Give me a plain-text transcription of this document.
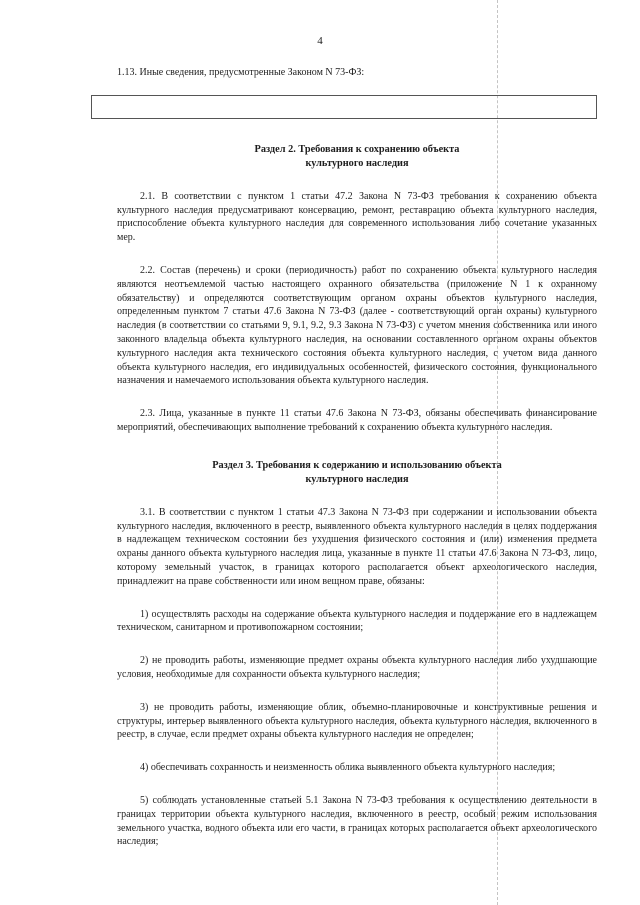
4

1.13. Иные сведения, предусмотренные Законом N 73-ФЗ:

Раздел 2. Требования к сохранению объекта
культурного наследия

2.1. В соответствии с пунктом 1 статьи 47.2 Закона N 73-ФЗ требования к сохранению объекта культурного наследия предусматривают консервацию, ремонт, реставрацию объекта культурного наследия, приспособление объекта культурного наследия для современного использования либо сочетание указанных мер.

2.2. Состав (перечень) и сроки (периодичность) работ по сохранению объекта культурного наследия являются неотъемлемой частью настоящего охранного обязательства (приложение N 1 к охранному обязательству) и определяются соответствующим органом охраны объектов культурного наследия, определенным пунктом 7 статьи 47.6 Закона N 73-ФЗ (далее - соответствующий орган охраны) культурного наследия (в соответствии со статьями 9, 9.1, 9.2, 9.3 Закона N 73-ФЗ) с учетом мнения собственника или иного законного владельца объекта культурного наследия, на основании составленного органом охраны объектов культурного наследия акта технического состояния объекта культурного наследия, с учетом вида данного объекта культурного наследия, его индивидуальных особенностей, физического состояния, функционального назначения и намечаемого использования объекта культурного наследия.

2.3. Лица, указанные в пункте 11 статьи 47.6 Закона N 73-ФЗ, обязаны обеспечивать финансирование мероприятий, обеспечивающих выполнение требований к сохранению объекта культурного наследия.

Раздел 3. Требования к содержанию и использованию объекта
культурного наследия

3.1. В соответствии с пунктом 1 статьи 47.3 Закона N 73-ФЗ при содержании и использовании объекта культурного наследия, включенного в реестр, выявленного объекта культурного наследия в целях поддержания в надлежащем техническом состоянии без ухудшения физического состояния и (или) изменения предмета охраны данного объекта культурного наследия лица, указанные в пункте 11 статьи 47.6 Закона N 73-ФЗ, лицо, которому земельный участок, в границах которого располагается объект археологического наследия, принадлежит на праве собственности или ином вещном праве, обязаны:

1) осуществлять расходы на содержание объекта культурного наследия и поддержание его в надлежащем техническом, санитарном и противопожарном состоянии;

2) не проводить работы, изменяющие предмет охраны объекта культурного наследия либо ухудшающие условия, необходимые для сохранности объекта культурного наследия;

3) не проводить работы, изменяющие облик, объемно-планировочные и конструктивные решения и структуры, интерьер выявленного объекта культурного наследия, объекта культурного наследия, включенного в реестр, в случае, если предмет охраны объекта культурного наследия не определен;

4) обеспечивать сохранность и неизменность облика выявленного объекта культурного наследия;

5) соблюдать установленные статьей 5.1 Закона N 73-ФЗ требования к осуществлению деятельности в границах территории объекта культурного наследия, включенного в реестр, особый режим использования земельного участка, водного объекта или его части, в границах которых располагается объект археологического наследия;
